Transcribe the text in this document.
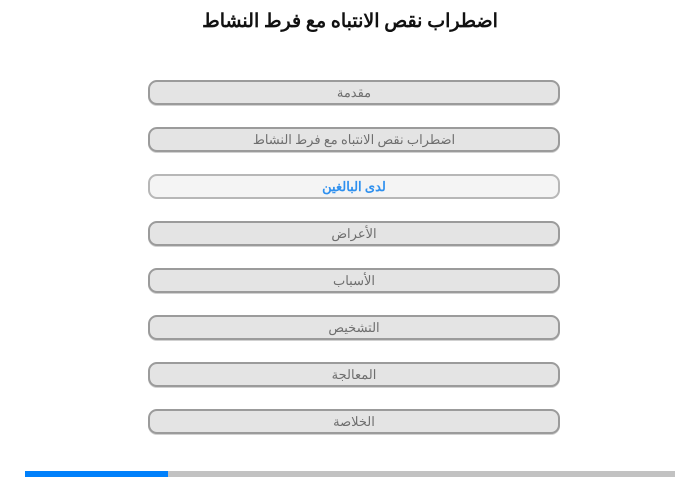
اضطراب نقص الانتباه مع فرط النشاط
مقدمة
اضطراب نقص الانتباه مع فرط النشاط
لدى البالغين
الأعراض
الأسباب
التشخيص
المعالجة
الخلاصة
